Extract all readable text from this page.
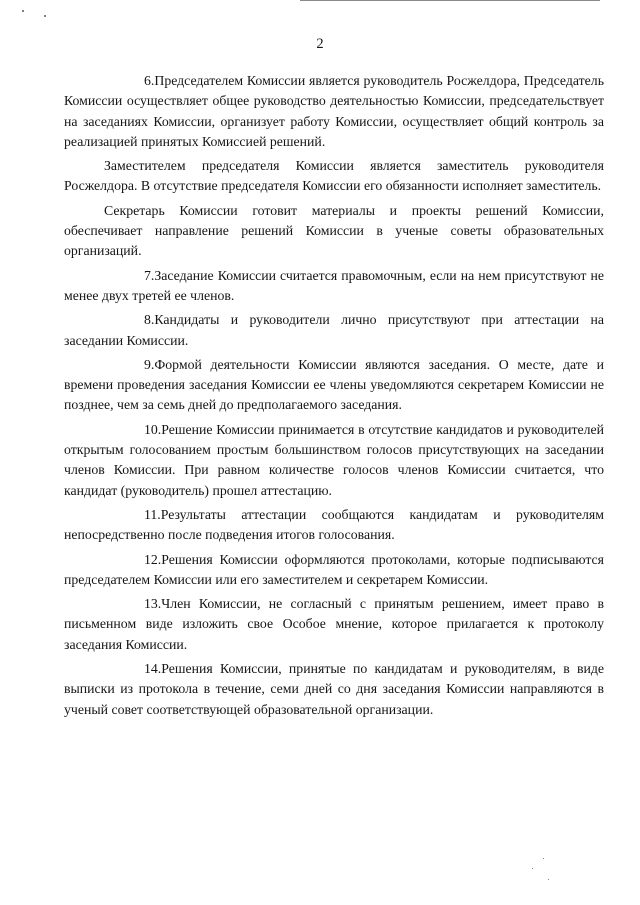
2

6.Председателем Комиссии является руководитель Росжелдора, Председатель Комиссии осуществляет общее руководство деятельностью Комиссии, председательствует на заседаниях Комиссии, организует работу Комиссии, осуществляет общий контроль за реализацией принятых Комиссией решений.

Заместителем председателя Комиссии является заместитель руководителя Росжелдора. В отсутствие председателя Комиссии его обязанности исполняет заместитель.

Секретарь Комиссии готовит материалы и проекты решений Комиссии, обеспечивает направление решений Комиссии в ученые советы образовательных организаций.

7.Заседание Комиссии считается правомочным, если на нем присутствуют не менее двух третей ее членов.

8.Кандидаты и руководители лично присутствуют при аттестации на заседании Комиссии.

9.Формой деятельности Комиссии являются заседания. О месте, дате и времени проведения заседания Комиссии ее члены уведомляются секретарем Комиссии не позднее, чем за семь дней до предполагаемого заседания.

10.Решение Комиссии принимается в отсутствие кандидатов и руководителей открытым голосованием простым большинством голосов присутствующих на заседании членов Комиссии. При равном количестве голосов членов Комиссии считается, что кандидат (руководитель) прошел аттестацию.

11.Результаты аттестации сообщаются кандидатам и руководителям непосредственно после подведения итогов голосования.

12.Решения Комиссии оформляются протоколами, которые подписываются председателем Комиссии или его заместителем и секретарем Комиссии.

13.Член Комиссии, не согласный с принятым решением, имеет право в письменном виде изложить свое Особое мнение, которое прилагается к протоколу заседания Комиссии.

14.Решения Комиссии, принятые по кандидатам и руководителям, в виде выписки из протокола в течение, семи дней со дня заседания Комиссии направляются в ученый совет соответствующей образовательной организации.
